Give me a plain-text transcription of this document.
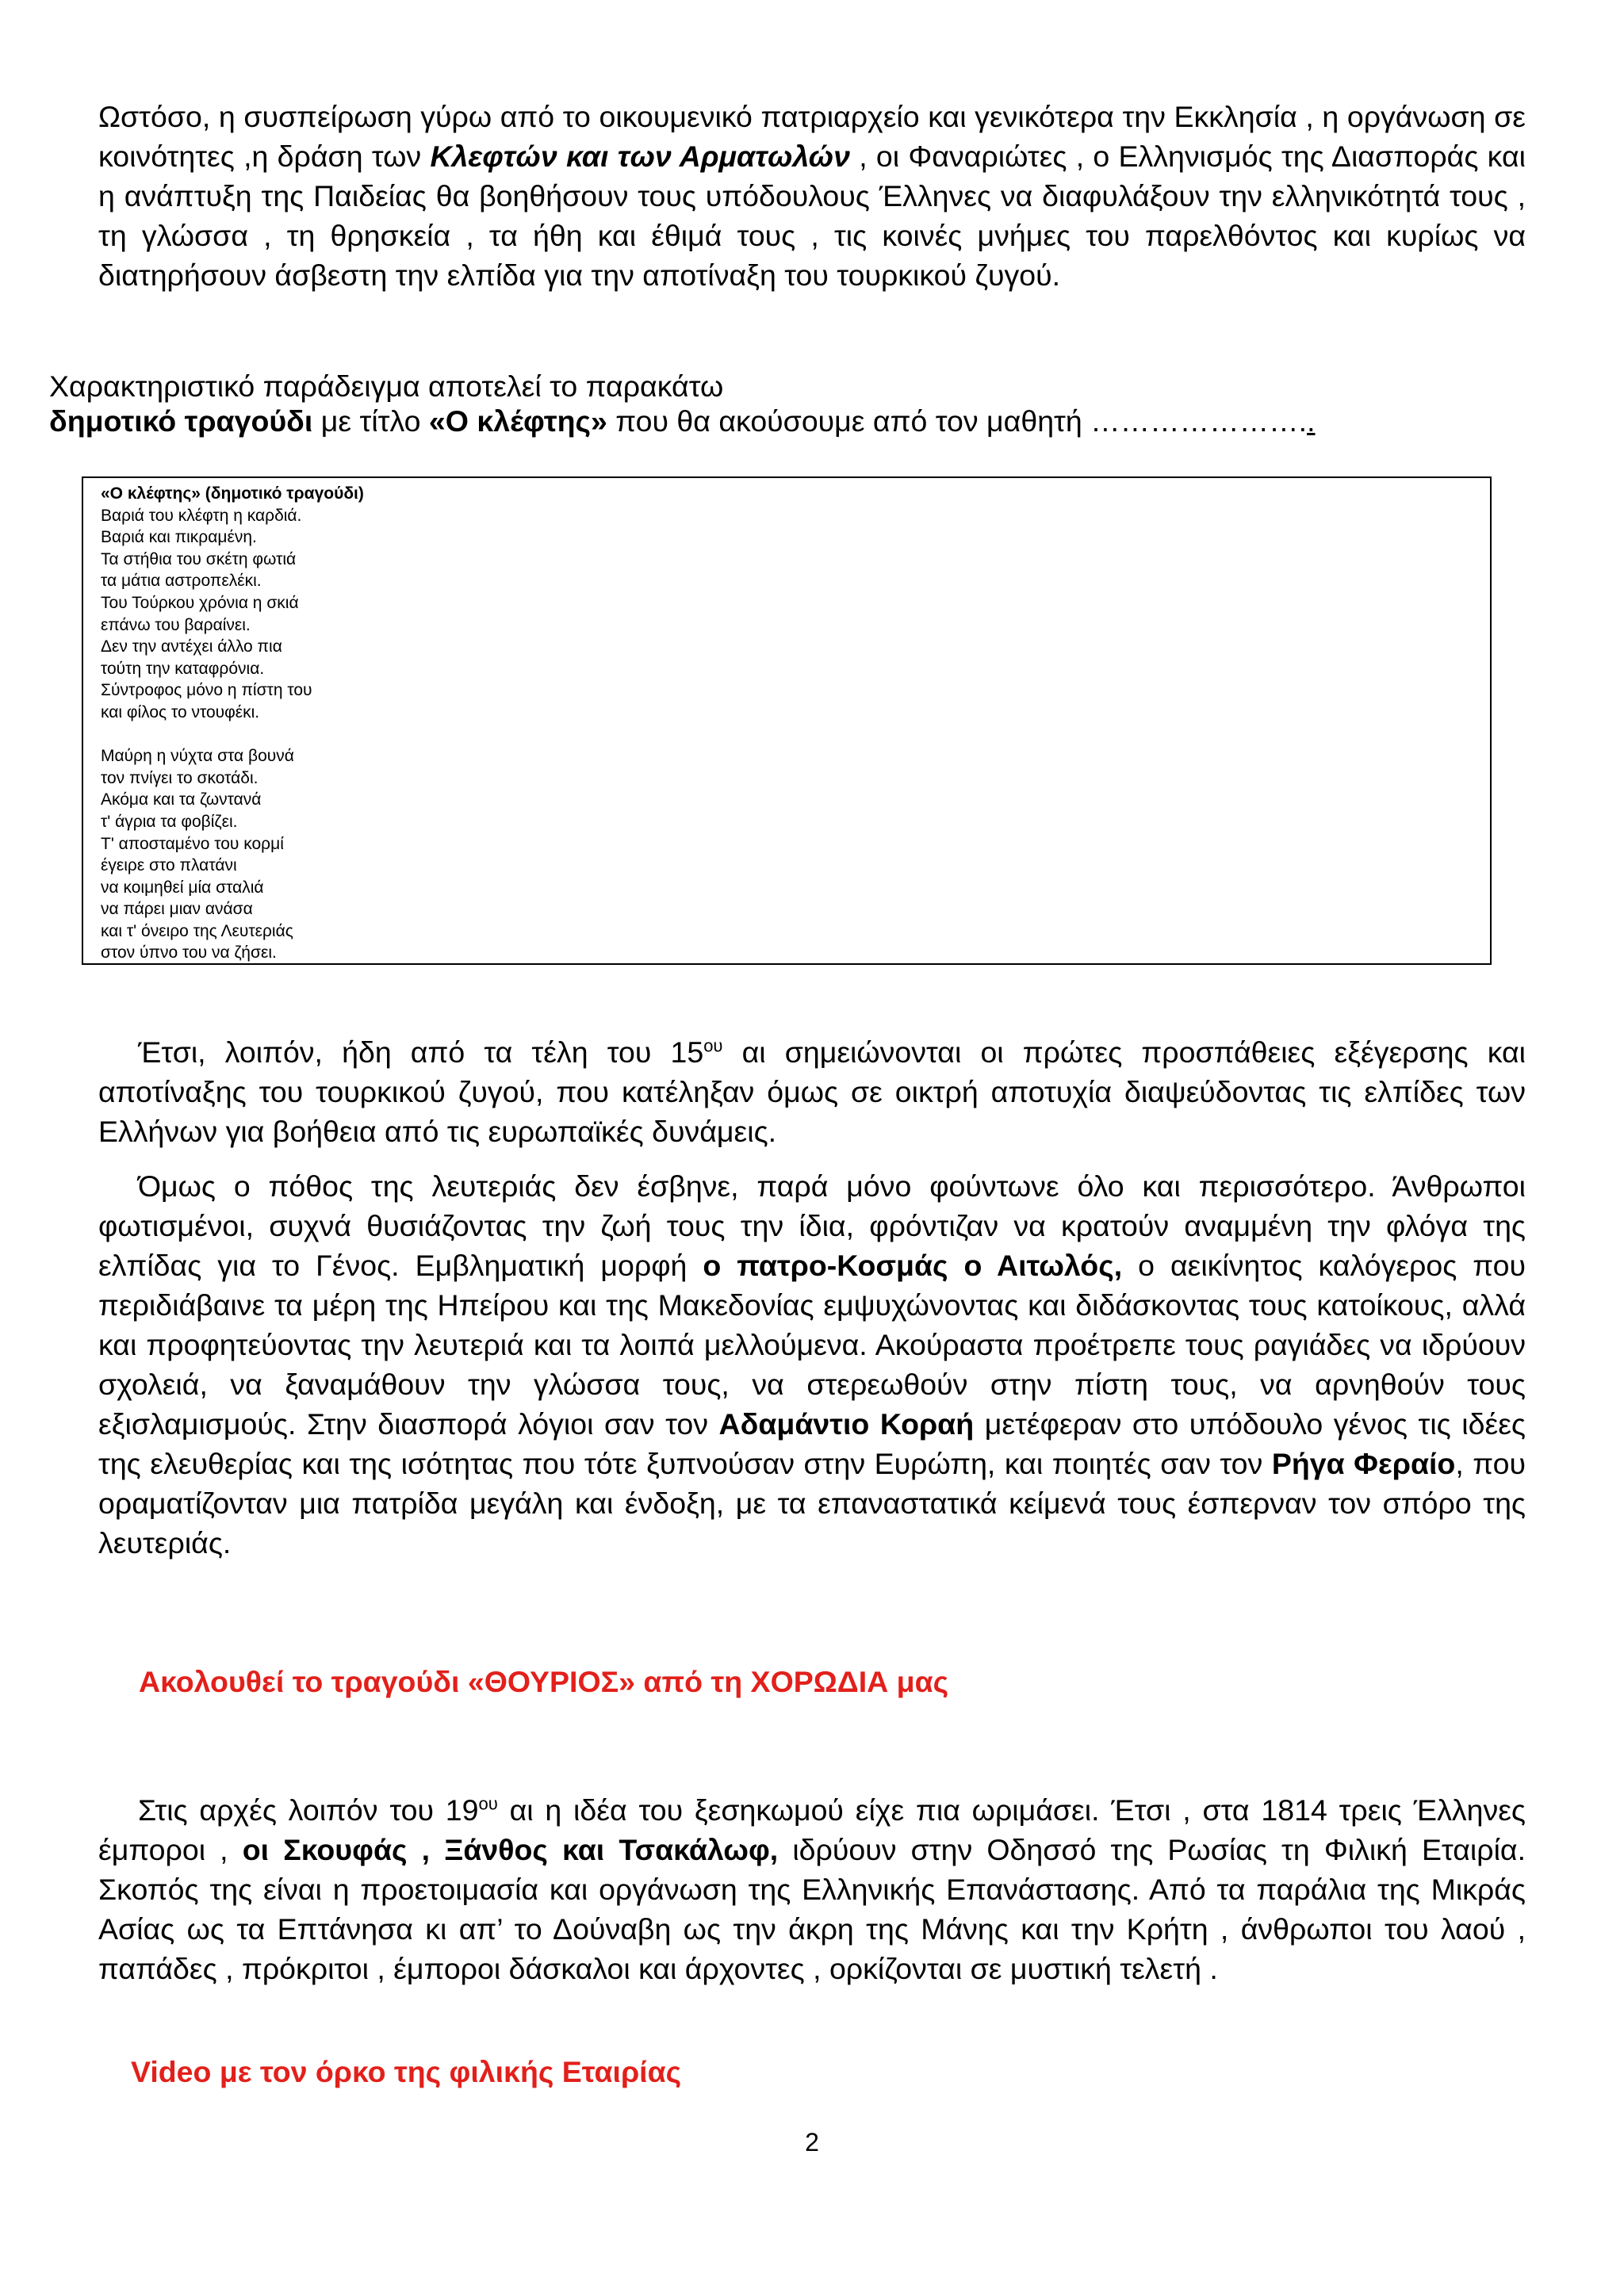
Ωστόσο, η συσπείρωση γύρω από το οικουμενικό πατριαρχείο και γενικότερα την Εκκλησία , η οργάνωση σε κοινότητες ,η δράση των Κλεφτών και των Αρματωλών , οι Φαναριώτες , ο Ελληνισμός της Διασποράς και η ανάπτυξη της Παιδείας θα βοηθήσουν τους υπόδουλους Έλληνες να διαφυλάξουν την ελληνικότητά τους , τη γλώσσα , τη θρησκεία , τα ήθη και έθιμά τους , τις κοινές μνήμες του παρελθόντος και κυρίως να διατηρήσουν άσβεστη την ελπίδα για την αποτίναξη του τουρκικού ζυγού.

Χαρακτηριστικό παράδειγμα αποτελεί το παρακάτω
δημοτικό τραγούδι με τίτλο «Ο κλέφτης» που θα ακούσουμε από τον μαθητή …………………..
«Ο κλέφτης» (δημοτικό τραγούδι)
Βαριά του κλέφτη η καρδιά.
Βαριά και πικραμένη.
Τα στήθια του σκέτη φωτιά
τα μάτια αστροπελέκι.
Του Τούρκου χρόνια η σκιά
επάνω του βαραίνει.
Δεν την αντέχει άλλο πια
τούτη την καταφρόνια.
Σύντροφος μόνο η πίστη του
και φίλος το ντουφέκι.
Μαύρη η νύχτα στα βουνά
τον πνίγει το σκοτάδι.
Ακόμα και τα ζωντανά
τ' άγρια τα φοβίζει.
Τ' αποσταμένο του κορμί
έγειρε στο πλατάνι
να κοιμηθεί μία σταλιά
να πάρει μιαν ανάσα
και τ' όνειρο της Λευτεριάς
στον ύπνο του να ζήσει.

Έτσι, λοιπόν, ήδη από τα τέλη του $15^{o\upsilon}$ αι σημειώνονται οι πρώτες προσπάθειες εξέγερσης και αποτίναξης του τουρκικού ζυγού, που κατέληξαν όμως σε οικτρή αποτυχία διαψεύδοντας τις ελπίδες των Ελλήνων για βοήθεια από τις ευρωπαϊκές δυνάμεις.

Όμως ο πόθος της λευτεριάς δεν έσβηνε, παρά μόνο φούντωνε όλο και περισσότερο. Άνθρωποι φωτισμένοι, συχνά θυσιάζοντας την ζωή τους την ίδια, φρόντιζαν να κρατούν αναμμένη την φλόγα της ελπίδας για το Γένος. Εμβληματική μορφή ο πατρο-Κοσμάς ο Αιτωλός, ο αεικίνητος καλόγερος που περιδιάβαινε τα μέρη της Ηπείρου και της Μακεδονίας εμψυχώνοντας και διδάσκοντας τους κατοίκους, αλλά και προφητεύοντας την λευτεριά και τα λοιπά μελλούμενα. Ακούραστα προέτρεπε τους ραγιάδες να ιδρύουν σχολειά, να ξαναμάθουν την γλώσσα τους, να στερεωθούν στην πίστη τους, να αρνηθούν τους εξισλαμισμούς. Στην διασπορά λόγιοι σαν τον Αδαμάντιο Κοραή μετέφεραν στο υπόδουλο γένος τις ιδέες της ελευθερίας και της ισότητας που τότε ξυπνούσαν στην Ευρώπη, και ποιητές σαν τον Ρήγα Φεραίο, που οραματίζονταν μια πατρίδα μεγάλη και ένδοξη, με τα επαναστατικά κείμενά τους έσπερναν τον σπόρο της λευτεριάς.

Ακολουθεί το τραγούδι «ΘΟΥΡΙΟΣ» από τη ΧΟΡΩΔΙΑ μας

Στις αρχές λοιπόν του $19^{o\upsilon}$ αι η ιδέα του ξεσηκωμού είχε πια ωριμάσει. Έτσι , στα 1814 τρεις Έλληνες έμποροι , οι Σκουφάς , Ξάνθος και Τσακάλωφ, ιδρύουν στην Οδησσό της Ρωσίας τη Φιλική Εταιρία. Σκοπός της είναι η προετοιμασία και οργάνωση της Ελληνικής Επανάστασης. Από τα παράλια της Μικράς Ασίας ως τα Επτάνησα κι απ’ το Δούναβη ως την άκρη της Μάνης και την Κρήτη , άνθρωποι του λαού , παπάδες , πρόκριτοι , έμποροι δάσκαλοι και άρχοντες , ορκίζονται σε μυστική τελετή .

Video με τον όρκο της φιλικής Εταιρίας
2
